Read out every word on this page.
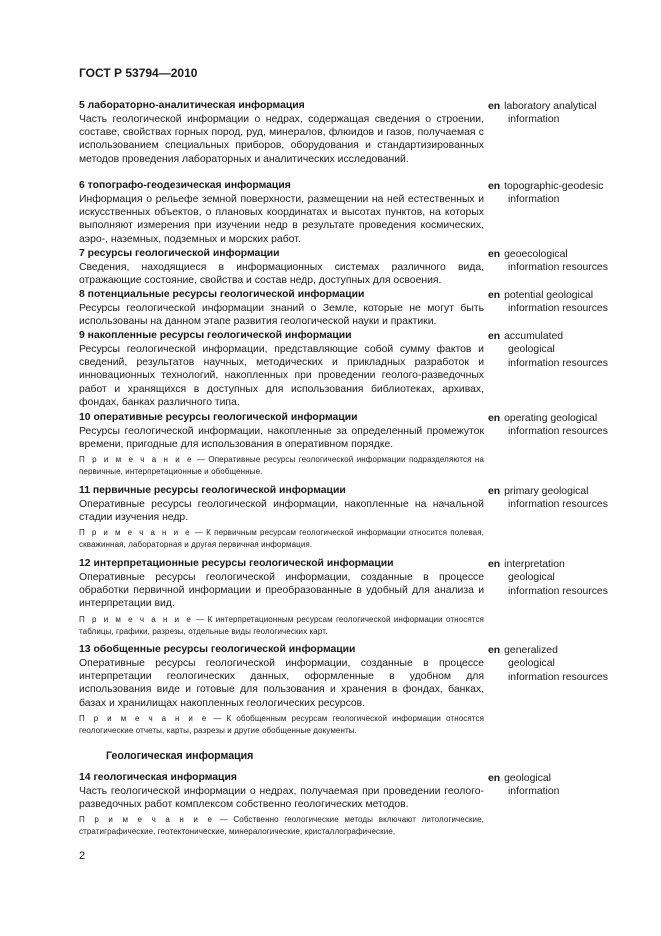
ГОСТ Р 53794—2010
Геологическая информация
5 лабораторно-аналитическая информация
Часть геологической информации о недрах, содержащая сведения о строении, составе, свойствах горных пород, руд, минералов, флюидов и газов, получаемая с использованием специальных приборов, оборудования и стандартизированных методов проведения лабораторных и аналитических исследований.
en laboratory analytical
information
6 топографо-геодезическая информация
Информация о рельефе земной поверхности, размещении на ней естественных и искусственных объектов, о плановых координатах и высотах пунктов, на которых выполняют измерения при изучении недр в результате проведения космических, аэро-, наземных, подземных и морских работ.
en topographic-geodesic
information
7 ресурсы геологической информации
Сведения, находящиеся в информационных системах различного вида, отражающие состояние, свойства и состав недр, доступных для освоения.
en geoecological
information resources
8 потенциальные ресурсы геологической информации
Ресурсы геологической информации знаний о Земле, которые не могут быть использованы на данном этапе развития геологической науки и практики.
en potential geological
information resources
9 накопленные ресурсы геологической информации
Ресурсы геологической информации, представляющие собой сумму фактов и сведений, результатов научных, методических и прикладных разработок и инновационных технологий, накопленных при проведении геолого-разведочных работ и хранящихся в доступных для использования библиотеках, архивах, фондах, банках различного типа.
en accumulated
geological
information resources
10 оперативные ресурсы геологической информации
Ресурсы геологической информации, накопленные за определенный промежуток времени, пригодные для использования в оперативном порядке.
П р и м е ч а н и е — Оперативные ресурсы геологической информации подразделяются на первичные, интерпретационные и обобщенные.
en operating geological
information resources
11 первичные ресурсы геологической информации
Оперативные ресурсы геологической информации, накопленные на начальной стадии изучения недр.
П р и м е ч а н и е — К первичным ресурсам геологической информации относится полевая, скважинная, лабораторная и другая первичная информация.
en primary geological
information resources
12 интерпретационные ресурсы геологической информации
Оперативные ресурсы геологической информации, созданные в процессе обработки первичной информации и преобразованные в удобный для анализа и интерпретации вид.
П р и м е ч а н и е — К интерпретационным ресурсам геологической информации относятся таблицы, графики, разрезы, отдельные виды геологических карт.
en interpretation
geological
information resources
13 обобщенные ресурсы геологической информации
Оперативные ресурсы геологической информации, созданные в процессе интерпретации геологических данных, оформленные в удобном для использования виде и готовые для пользования и хранения в фондах, банках, базах и хранилищах накопленных геологических ресурсов.
П р и м е ч а н и е — К обобщенным ресурсам геологической информации относятся геологические отчеты, карты, разрезы и другие обобщенные документы.
en generalized
geological
information resources
14 геологическая информация
Часть геологической информации о недрах, получаемая при проведении геолого-разведочных работ комплексом собственно геологических методов.
П р и м е ч а н и е — Собственно геологические методы включают литологические, стратиграфические, геотектонические, минералогические, кристаллографические,
en geological
information
2
